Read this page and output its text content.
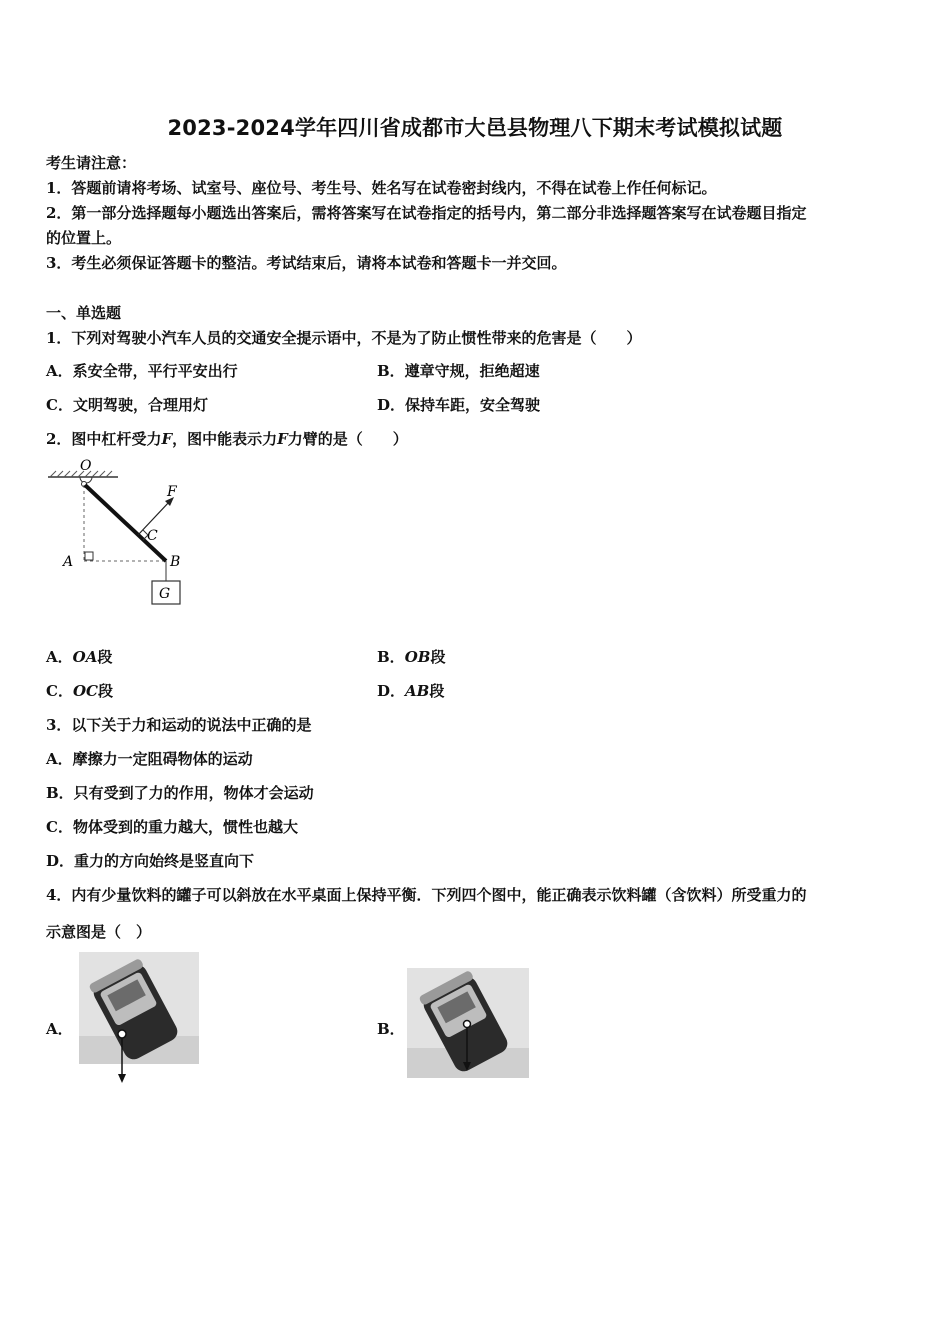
2023-2024学年四川省成都市大邑县物理八下期末考试模拟试题
考生请注意：
1．答题前请将考场、试室号、座位号、考生号、姓名写在试卷密封线内，不得在试卷上作任何标记。
2．第一部分选择题每小题选出答案后，需将答案写在试卷指定的括号内，第二部分非选择题答案写在试卷题目指定
的位置上。
3．考生必须保证答题卡的整洁。考试结束后，请将本试卷和答题卡一并交回。
一、单选题
1．下列对驾驶小汽车人员的交通安全提示语中，不是为了防止惯性带来的危害是（　　）
A．系安全带，平行平安出行	B．遵章守规，拒绝超速
C．文明驾驶，合理用灯	D．保持车距，安全驾驶
2．图中杠杆受力F，图中能表示力F力臂的是（　　）
O
F
C
A	B
G
A．OA段	B．OB段
C．OC段	D．AB段
3．以下关于力和运动的说法中正确的是
A．摩擦力一定阻碍物体的运动
B．只有受到了力的作用，物体才会运动
C．物体受到的重力越大，惯性也越大
D．重力的方向始终是竖直向下
4．内有少量饮料的罐子可以斜放在水平桌面上保持平衡．下列四个图中，能正确表示饮料罐（含饮料）所受重力的
示意图是（　）
A．	B．
